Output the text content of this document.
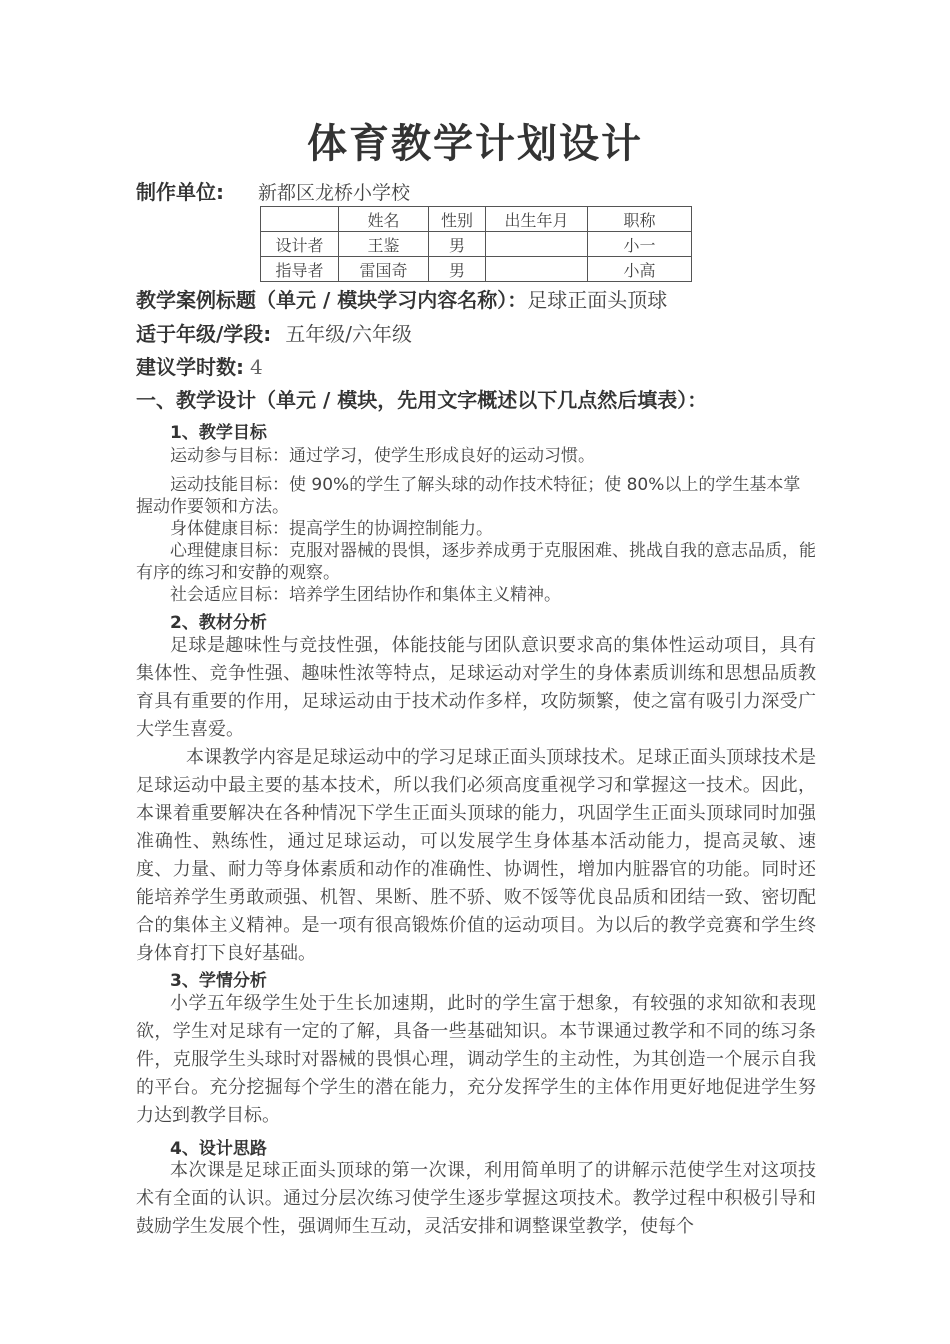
体育教学计划设计
制作单位: 新都区龙桥小学校
	姓名	性别	出生年月	职称
设计者	王鉴	男		小一
指导者	雷国奇	男		小高
教学案例标题（单元 / 模块学习内容名称）：足球正面头顶球
适于年级/学段: 五年级/六年级
建议学时数: 4
一、教学设计（单元 / 模块，先用文字概述以下几点然后填表）：
1、教学目标

运动参与目标：通过学习，使学生形成良好的运动习惯。

运动技能目标：使 90%的学生了解头球的动作技术特征；使 80%以上的学生基本掌握动作要领和方法。

身体健康目标：提高学生的协调控制能力。

心理健康目标：克服对器械的畏惧，逐步养成勇于克服困难、挑战自我的意志品质，能有序的练习和安静的观察。

社会适应目标：培养学生团结协作和集体主义精神。

2、教材分析

足球是趣味性与竞技性强，体能技能与团队意识要求高的集体性运动项目，具有集体性、竞争性强、趣味性浓等特点，足球运动对学生的身体素质训练和思想品质教育具有重要的作用，足球运动由于技术动作多样，攻防频繁，使之富有吸引力深受广大学生喜爱。

本课教学内容是足球运动中的学习足球正面头顶球技术。足球正面头顶球技术是足球运动中最主要的基本技术，所以我们必须高度重视学习和掌握这一技术。因此，本课着重要解决在各种情况下学生正面头顶球的能力，巩固学生正面头顶球同时加强准确性、熟练性，通过足球运动，可以发展学生身体基本活动能力，提高灵敏、速度、力量、耐力等身体素质和动作的准确性、协调性，增加内脏器官的功能。同时还能培养学生勇敢顽强、机智、果断、胜不骄、败不馁等优良品质和团结一致、密切配合的集体主义精神。是一项有很高锻炼价值的运动项目。为以后的教学竞赛和学生终身体育打下良好基础。

3、学情分析

小学五年级学生处于生长加速期，此时的学生富于想象，有较强的求知欲和表现欲，学生对足球有一定的了解，具备一些基础知识。本节课通过教学和不同的练习条件，克服学生头球时对器械的畏惧心理，调动学生的主动性，为其创造一个展示自我的平台。充分挖掘每个学生的潜在能力，充分发挥学生的主体作用更好地促进学生努力达到教学目标。

4、设计思路

本次课是足球正面头顶球的第一次课，利用简单明了的讲解示范使学生对这项技术有全面的认识。通过分层次练习使学生逐步掌握这项技术。教学过程中积极引导和鼓励学生发展个性，强调师生互动，灵活安排和调整课堂教学，使每个
